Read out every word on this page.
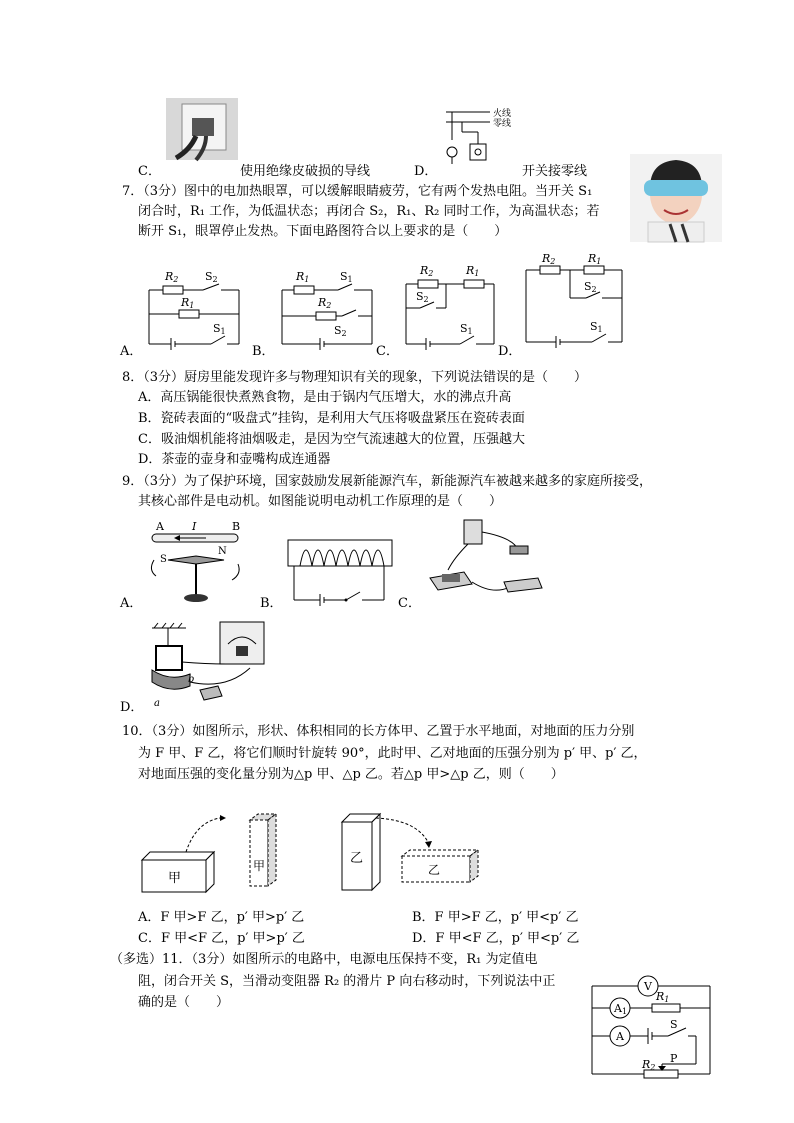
C．	使用绝缘皮破损的导线
火线
零线
D．	开关接零线
7．（3分）图中的电加热眼罩，可以缓解眼睛疲劳，它有两个发热电阻。当开关 S₁
闭合时，R₁ 工作，为低温状态；再闭合 S₂，R₁、R₂ 同时工作，为高温状态；若
断开 S₁，眼罩停止发热。下面电路图符合以上要求的是（　　）
R2 S2
R1
S1
A．
R1	S1
R2
S2
B．
R2	R1
S2
S1
C．
R2	R1
S2
S1
D．
8．（3分）厨房里能发现许多与物理知识有关的现象，下列说法错误的是（　　）
A．高压锅能很快煮熟食物，是由于锅内气压增大，水的沸点升高
B．瓷砖表面的“吸盘式”挂钩，是利用大气压将吸盘紧压在瓷砖表面
C．吸油烟机能将油烟吸走，是因为空气流速越大的位置，压强越大
D．茶壶的壶身和壶嘴构成连通器
9．（3分）为了保护环境，国家鼓励发展新能源汽车，新能源汽车被越来越多的家庭所接受，
其核心部件是电动机。如图能说明电动机工作原理的是（　　）
A	I	B
S
N
A．	B．	C．
a
b
D．
10．（3分）如图所示，形状、体积相同的长方体甲、乙置于水平地面，对地面的压力分别
为 F 甲、F 乙，将它们顺时针旋转 90°，此时甲、乙对地面的压强分别为 p′ 甲、p′ 乙，
对地面压强的变化量分别为△p 甲、△p 乙。若△p 甲>△p 乙，则（　　）
甲
甲	乙
乙
A．F 甲>F 乙，p′ 甲>p′ 乙	B．F 甲>F 乙，p′ 甲<p′ 乙
C．F 甲<F 乙，p′ 甲>p′ 乙	D．F 甲<F 乙，p′ 甲<p′ 乙
（多选）11．（3分）如图所示的电路中，电源电压保持不变，R₁ 为定值电
阻，闭合开关 S，当滑动变阻器 R₂ 的滑片 P 向右移动时，下列说法中正
确的是（　　）
V
A1
A
R1
S
P
R2
